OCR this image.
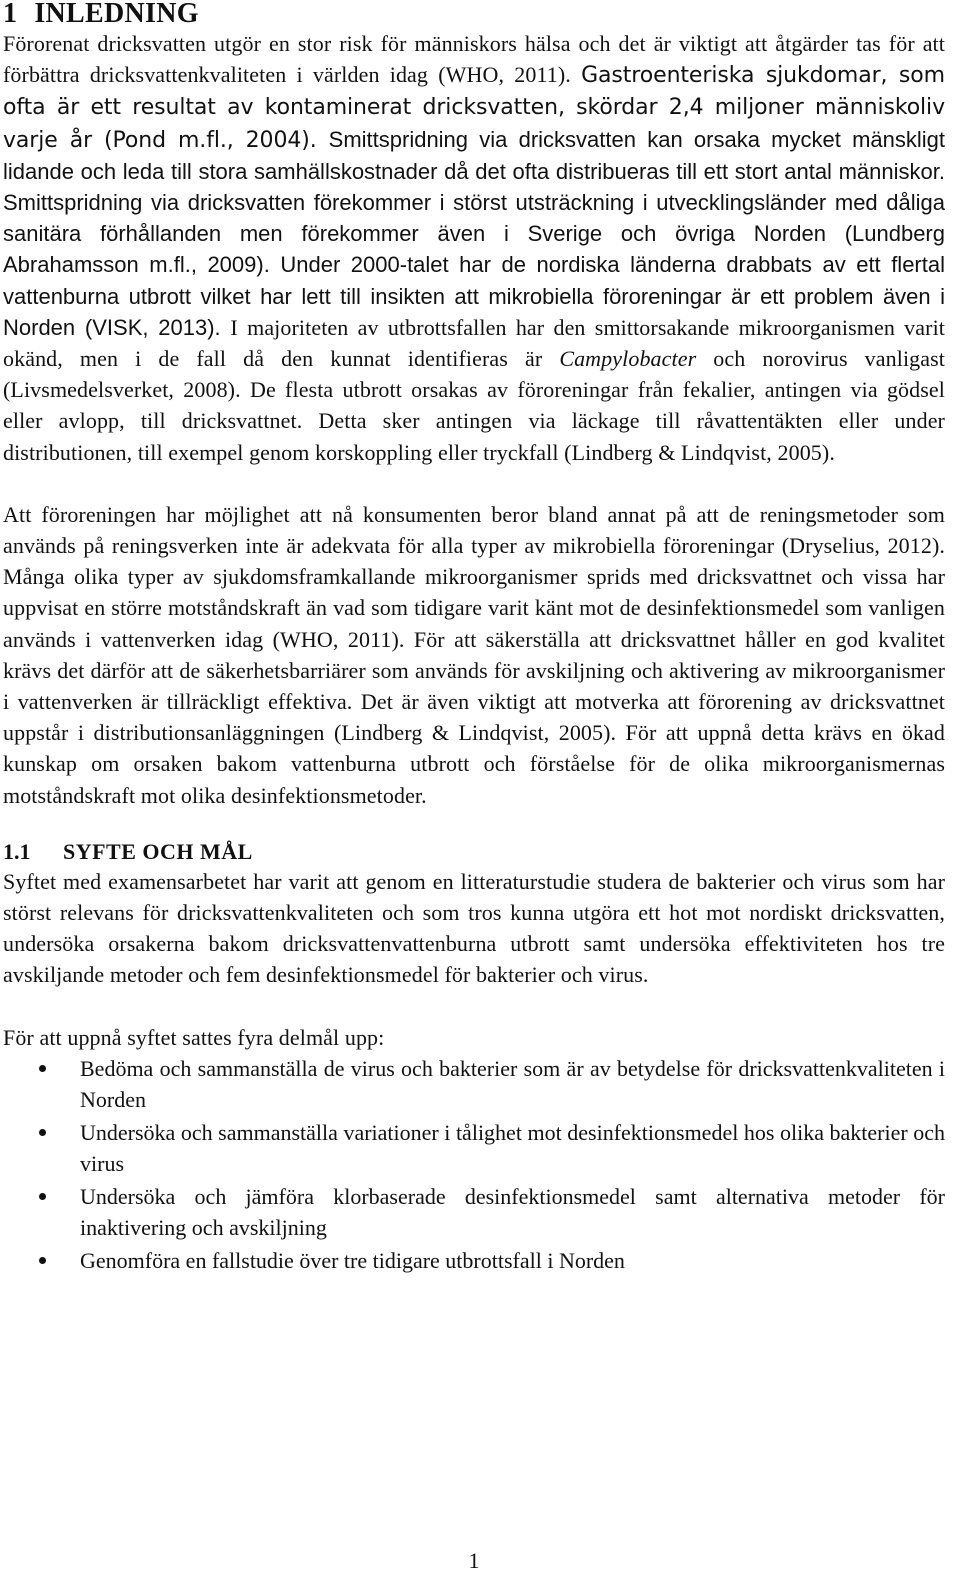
1 INLEDNING

Förorenat dricksvatten utgör en stor risk för människors hälsa och det är viktigt att åtgärder tas för att förbättra dricksvattenkvaliteten i världen idag (WHO, 2011). Gastroenteriska sjukdomar, som ofta är ett resultat av kontaminerat dricksvatten, skördar 2,4 miljoner människoliv varje år (Pond m.fl., 2004). Smittspridning via dricksvatten kan orsaka mycket mänskligt lidande och leda till stora samhällskostnader då det ofta distribueras till ett stort antal människor. Smittspridning via dricksvatten förekommer i störst utsträckning i utvecklingsländer med dåliga sanitära förhållanden men förekommer även i Sverige och övriga Norden (Lundberg Abrahamsson m.fl., 2009). Under 2000-talet har de nordiska länderna drabbats av ett flertal vattenburna utbrott vilket har lett till insikten att mikrobiella föroreningar är ett problem även i Norden (VISK, 2013). I majoriteten av utbrottsfallen har den smittorsakande mikroorganismen varit okänd, men i de fall då den kunnat identifieras är Campylobacter och norovirus vanligast (Livsmedelsverket, 2008). De flesta utbrott orsakas av föroreningar från fekalier, antingen via gödsel eller avlopp, till dricksvattnet. Detta sker antingen via läckage till råvattentäkten eller under distributionen, till exempel genom korskoppling eller tryckfall (Lindberg & Lindqvist, 2005).

Att föroreningen har möjlighet att nå konsumenten beror bland annat på att de reningsmetoder som används på reningsverken inte är adekvata för alla typer av mikrobiella föroreningar (Dryselius, 2012). Många olika typer av sjukdomsframkallande mikroorganismer sprids med dricksvattnet och vissa har uppvisat en större motståndskraft än vad som tidigare varit känt mot de desinfektionsmedel som vanligen används i vattenverken idag (WHO, 2011). För att säkerställa att dricksvattnet håller en god kvalitet krävs det därför att de säkerhetsbarriärer som används för avskiljning och aktivering av mikroorganismer i vattenverken är tillräckligt effektiva. Det är även viktigt att motverka att förorening av dricksvattnet uppstår i distributionsanläggningen (Lindberg & Lindqvist, 2005). För att uppnå detta krävs en ökad kunskap om orsaken bakom vattenburna utbrott och förståelse för de olika mikroorganismernas motståndskraft mot olika desinfektionsmetoder.

1.1 SYFTE OCH MÅL

Syftet med examensarbetet har varit att genom en litteraturstudie studera de bakterier och virus som har störst relevans för dricksvattenkvaliteten och som tros kunna utgöra ett hot mot nordiskt dricksvatten, undersöka orsakerna bakom dricksvattenvattenburna utbrott samt undersöka effektiviteten hos tre avskiljande metoder och fem desinfektionsmedel för bakterier och virus.

För att uppnå syftet sattes fyra delmål upp:

Bedöma och sammanställa de virus och bakterier som är av betydelse för dricksvattenkvaliteten i Norden
Undersöka och sammanställa variationer i tålighet mot desinfektionsmedel hos olika bakterier och virus
Undersöka och jämföra klorbaserade desinfektionsmedel samt alternativa metoder för inaktivering och avskiljning
Genomföra en fallstudie över tre tidigare utbrottsfall i Norden
1
